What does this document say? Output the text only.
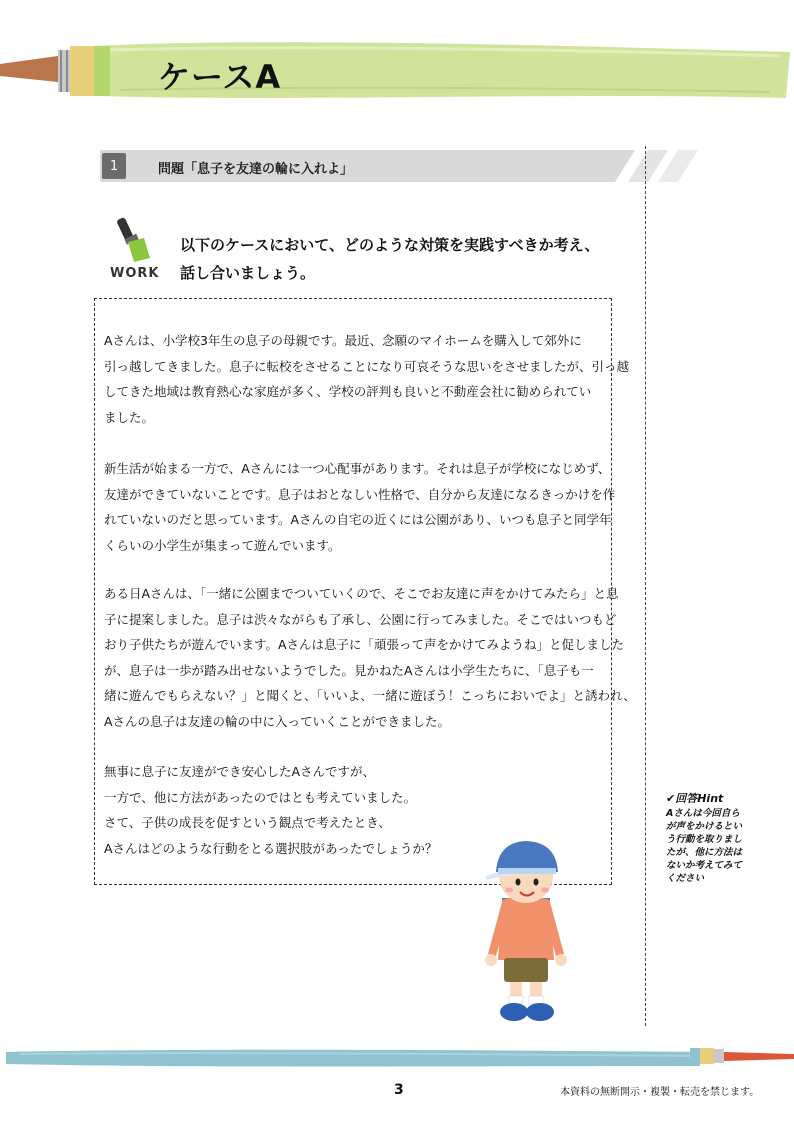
ケースA
1	問題「息子を友達の輪に入れよ」
WORK
以下のケースにおいて、どのような対策を実践すべきか考え、
話し合いましょう。
Aさんは、小学校3年生の息子の母親です。最近、念願のマイホームを購入して郊外に
引っ越してきました。息子に転校をさせることになり可哀そうな思いをさせましたが、引っ越
してきた地域は教育熱心な家庭が多く、学校の評判も良いと不動産会社に勧められてい
ました。
新生活が始まる一方で、Aさんには一つ心配事があります。それは息子が学校になじめず、
友達ができていないことです。息子はおとなしい性格で、自分から友達になるきっかけを作
れていないのだと思っています。Aさんの自宅の近くには公園があり、いつも息子と同学年
くらいの小学生が集まって遊んでいます。
ある日Aさんは、「一緒に公園までついていくので、そこでお友達に声をかけてみたら」と息
子に提案しました。息子は渋々ながらも了承し、公園に行ってみました。そこではいつもど
おり子供たちが遊んでいます。Aさんは息子に「頑張って声をかけてみようね」と促しました
が、息子は一歩が踏み出せないようでした。見かねたAさんは小学生たちに、「息子も一
緒に遊んでもらえない？」と聞くと、「いいよ、一緒に遊ぼう！こっちにおいでよ」と誘われ、
Aさんの息子は友達の輪の中に入っていくことができました。
無事に息子に友達ができ安心したAさんですが、
一方で、他に方法があったのではとも考えていました。
さて、子供の成長を促すという観点で考えたとき、
Aさんはどのような行動をとる選択肢があったでしょうか？
✔回答Hint
Aさんは今回自ら
が声をかけるとい
う行動を取りまし
たが、他に方法は
ないか考えてみて
ください
3	本資料の無断開示・複製・転売を禁じます。
